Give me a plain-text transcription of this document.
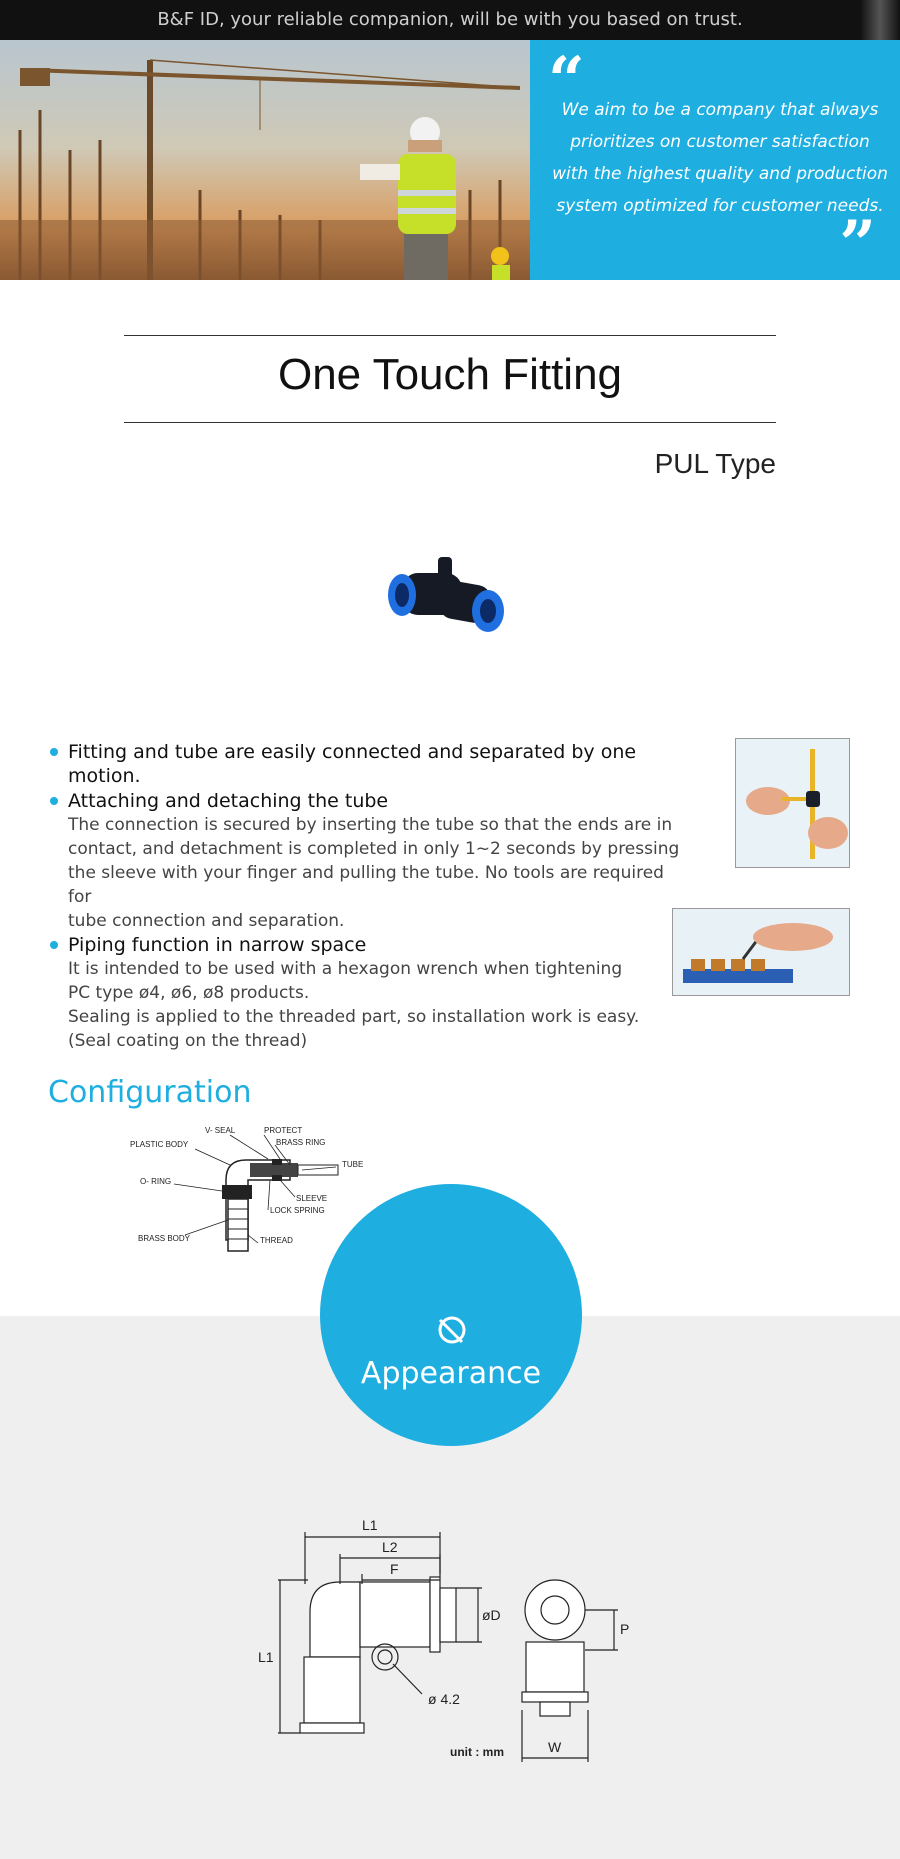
B&F ID, your reliable companion, will be with you based on trust.
“
We aim to be a company that always
prioritizes on customer satisfaction
with the highest quality and production
system optimized for customer needs.
”
One Touch Fitting
PUL Type
Fitting and tube are easily connected and separated by one motion.
Attaching and detaching the tube
The connection is secured by inserting the tube so that the ends are in
contact, and detachment is completed in only 1~2 seconds by pressing
the sleeve with your finger and pulling the tube. No tools are required for
tube connection and separation.
Piping function in narrow space
It is intended to be used with a hexagon wrench when tightening
PC type ø4, ø6, ø8 products.
Sealing is applied to the threaded part, so installation work is easy.
(Seal coating on the thread)
Configuration
V- SEAL	PROTECT
PLASTIC BODY	BRASS RING
TUBE
O- RING
SLEEVE
LOCK SPRING
BRASS BODY	THREAD
Appearance
L1
L2
F
L1
øD
ø 4.2
P
W
unit : mm
